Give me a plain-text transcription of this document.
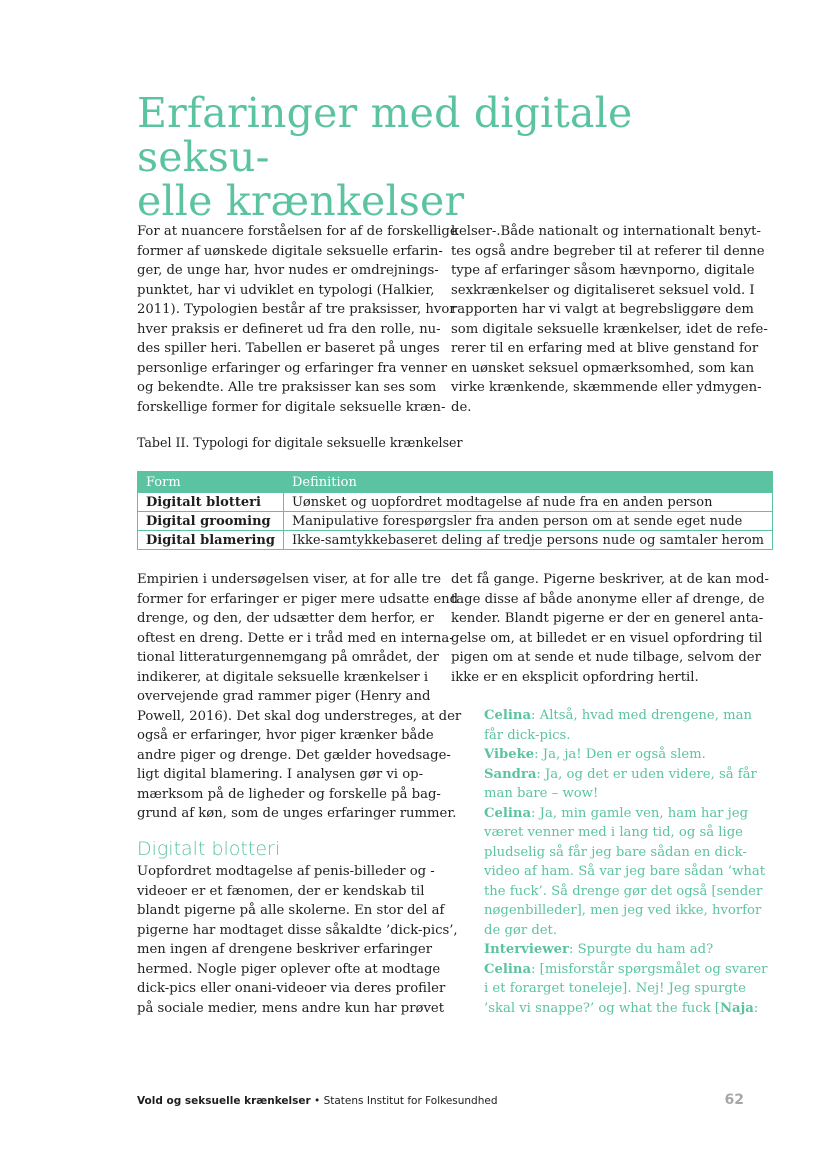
Erfaringer med digitale seksu-
elle krænkelser
For at nuancere forståelsen for af de forskellige
former af uønskede digitale seksuelle erfarin-
ger, de unge har, hvor nudes er omdrejnings-
punktet, har vi udviklet en typologi (Halkier,
2011). Typologien består af tre praksisser, hvor
hver praksis er defineret ud fra den rolle, nu-
des spiller heri. Tabellen er baseret på unges
personlige erfaringer og erfaringer fra venner
og bekendte. Alle tre praksisser kan ses som
forskellige former for digitale seksuelle kræn-
kelser-.Både nationalt og internationalt benyt-
tes også andre begreber til at referer til denne
type af erfaringer såsom hævnporno, digitale
sexkrænkelser og digitaliseret seksuel vold. I
rapporten har vi valgt at begrebsliggøre dem
som digitale seksuelle krænkelser, idet de refe-
rerer til en erfaring med at blive genstand for
en uønsket seksuel opmærksomhed, som kan
virke krænkende, skæmmende eller ydmygen-
de.
Tabel II. Typologi for digitale seksuelle krænkelser
Form	Definition
Digitalt blotteri	Uønsket og uopfordret modtagelse af nude fra en anden person
Digital grooming	Manipulative forespørgsler fra anden person om at sende eget nude
Digital blamering	Ikke-samtykkebaseret deling af tredje persons nude og samtaler herom
Empirien i undersøgelsen viser, at for alle tre
former for erfaringer er piger mere udsatte end
drenge, og den, der udsætter dem herfor, er
oftest en dreng. Dette er i tråd med en interna-
tional litteraturgennemgang på området, der
indikerer, at digitale seksuelle krænkelser i
overvejende grad rammer piger (Henry and
Powell, 2016). Det skal dog understreges, at der
også er erfaringer, hvor piger krænker både
andre piger og drenge. Det gælder hovedsage-
ligt digital blamering. I analysen gør vi op-
mærksom på de ligheder og forskelle på bag-
grund af køn, som de unges erfaringer rummer.
det få gange. Pigerne beskriver, at de kan mod-
tage disse af både anonyme eller af drenge, de
kender. Blandt pigerne er der en generel anta-
gelse om, at billedet er en visuel opfordring til
pigen om at sende et nude tilbage, selvom der
ikke er en eksplicit opfordring hertil.
Digitalt blotteri
Uopfordret modtagelse af penis-billeder og -
videoer er et fænomen, der er kendskab til
blandt pigerne på alle skolerne. En stor del af
pigerne har modtaget disse såkaldte ’dick-pics’,
men ingen af drengene beskriver erfaringer
hermed. Nogle piger oplever ofte at modtage
dick-pics eller onani-videoer via deres profiler
på sociale medier, mens andre kun har prøvet
Celina: Altså, hvad med drengene, man
får dick-pics.
Vibeke: Ja, ja! Den er også slem.
Sandra: Ja, og det er uden videre, så får
man bare – wow!
Celina: Ja, min gamle ven, ham har jeg
været venner med i lang tid, og så lige
pludselig så får jeg bare sådan en dick-
video af ham. Så var jeg bare sådan ’what
the fuck’. Så drenge gør det også [sender
nøgenbilleder], men jeg ved ikke, hvorfor
de gør det.
Interviewer: Spurgte du ham ad?
Celina: [misforstår spørgsmålet og svarer
i et forarget toneleje]. Nej! Jeg spurgte
’skal vi snappe?’ og what the fuck [Naja:
Vold og seksuelle krænkelser • Statens Institut for Folkesundhed	62
